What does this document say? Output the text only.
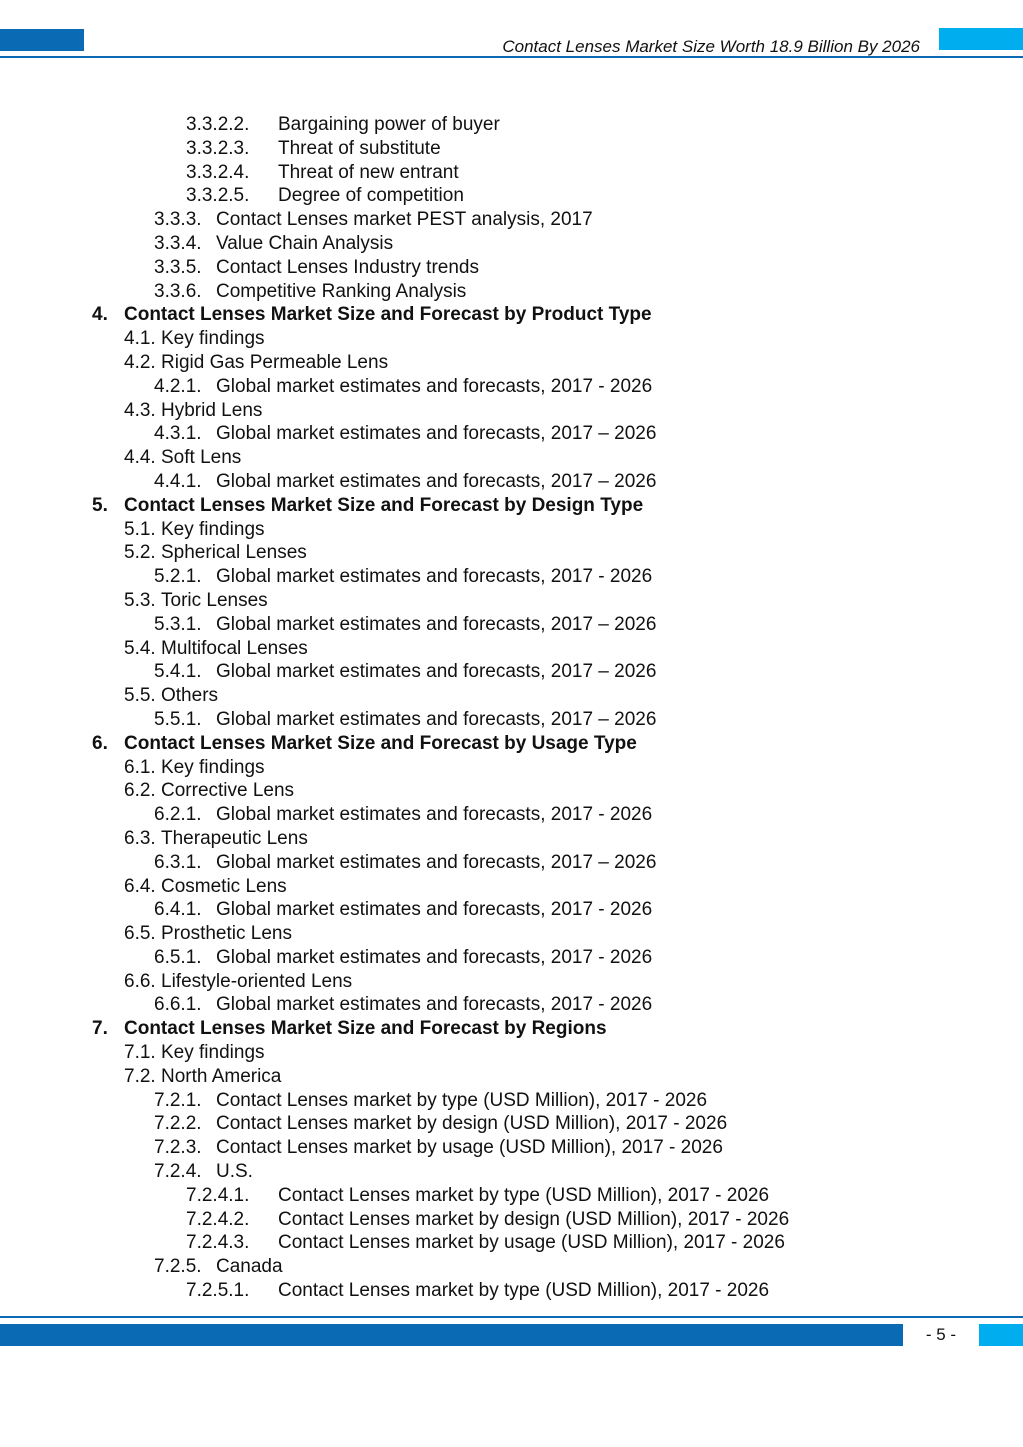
Contact Lenses Market Size Worth 18.9 Billion By 2026
3.3.2.2. Bargaining power of buyer
3.3.2.3. Threat of substitute
3.3.2.4. Threat of new entrant
3.3.2.5. Degree of competition
3.3.3. Contact Lenses market PEST analysis, 2017
3.3.4. Value Chain Analysis
3.3.5. Contact Lenses Industry trends
3.3.6. Competitive Ranking Analysis
4. Contact Lenses Market Size and Forecast by Product Type
4.1. Key findings
4.2. Rigid Gas Permeable Lens
4.2.1. Global market estimates and forecasts, 2017 - 2026
4.3. Hybrid Lens
4.3.1. Global market estimates and forecasts, 2017 – 2026
4.4. Soft Lens
4.4.1. Global market estimates and forecasts, 2017 – 2026
5. Contact Lenses Market Size and Forecast by Design Type
5.1. Key findings
5.2. Spherical Lenses
5.2.1. Global market estimates and forecasts, 2017 - 2026
5.3. Toric Lenses
5.3.1. Global market estimates and forecasts, 2017 – 2026
5.4. Multifocal Lenses
5.4.1. Global market estimates and forecasts, 2017 – 2026
5.5. Others
5.5.1. Global market estimates and forecasts, 2017 – 2026
6. Contact Lenses Market Size and Forecast by Usage Type
6.1. Key findings
6.2. Corrective Lens
6.2.1. Global market estimates and forecasts, 2017 - 2026
6.3. Therapeutic Lens
6.3.1. Global market estimates and forecasts, 2017 – 2026
6.4. Cosmetic Lens
6.4.1. Global market estimates and forecasts, 2017 - 2026
6.5. Prosthetic Lens
6.5.1. Global market estimates and forecasts, 2017 - 2026
6.6. Lifestyle-oriented Lens
6.6.1. Global market estimates and forecasts, 2017 - 2026
7. Contact Lenses Market Size and Forecast by Regions
7.1. Key findings
7.2. North America
7.2.1. Contact Lenses market by type (USD Million), 2017 - 2026
7.2.2. Contact Lenses market by design (USD Million), 2017 - 2026
7.2.3. Contact Lenses market by usage (USD Million), 2017 - 2026
7.2.4. U.S.
7.2.4.1. Contact Lenses market by type (USD Million), 2017 - 2026
7.2.4.2. Contact Lenses market by design (USD Million), 2017 - 2026
7.2.4.3. Contact Lenses market by usage (USD Million), 2017 - 2026
7.2.5. Canada
7.2.5.1. Contact Lenses market by type (USD Million), 2017 - 2026
- 5 -
